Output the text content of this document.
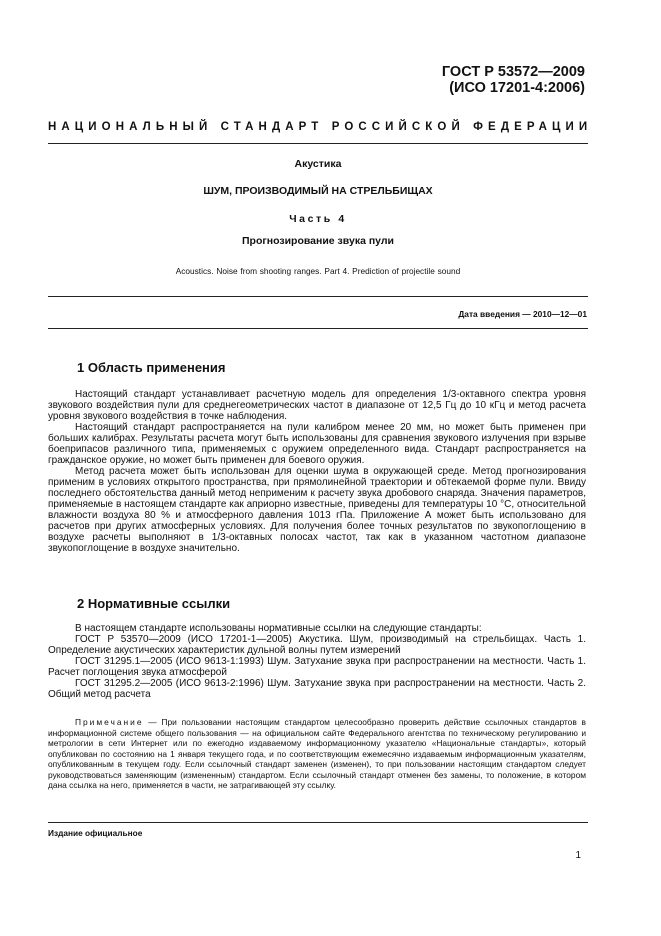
ГОСТ Р 53572—2009
(ИСО 17201-4:2006)
НАЦИОНАЛЬНЫЙ СТАНДАРТ РОССИЙСКОЙ ФЕДЕРАЦИИ
Акустика
ШУМ, ПРОИЗВОДИМЫЙ НА СТРЕЛЬБИЩАХ
Часть 4
Прогнозирование звука пули
Acoustics. Noise from shooting ranges. Part 4. Prediction of projectile sound
Дата введения — 2010—12—01
1 Область применения

Настоящий стандарт устанавливает расчетную модель для определения 1/3-октавного спектра уровня звукового воздействия пули для среднегеометрических частот в диапазоне от 12,5 Гц до 10 кГц и метод расчета уровня звукового воздействия в точке наблюдения.

Настоящий стандарт распространяется на пули калибром менее 20 мм, но может быть применен при больших калибрах. Результаты расчета могут быть использованы для сравнения звукового излучения при взрыве боеприпасов различного типа, применяемых с оружием определенного вида. Стандарт распространяется на гражданское оружие, но может быть применен для боевого оружия.

Метод расчета может быть использован для оценки шума в окружающей среде. Метод прогнозирования применим в условиях открытого пространства, при прямолинейной траектории и обтекаемой форме пули. Ввиду последнего обстоятельства данный метод неприменим к расчету звука дробового снаряда. Значения параметров, применяемые в настоящем стандарте как априорно известные, приведены для температуры 10 °С, относительной влажности воздуха 80 % и атмосферного давления 1013 гПа. Приложение А может быть использовано для расчетов при других атмосферных условиях. Для получения более точных результатов по звукопоглощению в воздухе расчеты выполняют в 1/3-октавных полосах частот, так как в указанном частотном диапазоне звукопоглощение в воздухе значительно.

2 Нормативные ссылки

В настоящем стандарте использованы нормативные ссылки на следующие стандарты:

ГОСТ Р 53570—2009 (ИСО 17201-1—2005) Акустика. Шум, производимый на стрельбищах. Часть 1. Определение акустических характеристик дульной волны путем измерений

ГОСТ 31295.1—2005 (ИСО 9613-1:1993) Шум. Затухание звука при распространении на местности. Часть 1. Расчет поглощения звука атмосферой

ГОСТ 31295.2—2005 (ИСО 9613-2:1996) Шум. Затухание звука при распространении на местности. Часть 2. Общий метод расчета

Примечание — При пользовании настоящим стандартом целесообразно проверить действие ссылочных стандартов в информационной системе общего пользования — на официальном сайте Федерального агентства по техническому регулированию и метрологии в сети Интернет или по ежегодно издаваемому информационному указателю «Национальные стандарты», который опубликован по состоянию на 1 января текущего года, и по соответствующим ежемесячно издаваемым информационным указателям, опубликованным в текущем году. Если ссылочный стандарт заменен (изменен), то при пользовании настоящим стандартом следует руководствоваться заменяющим (измененным) стандартом. Если ссылочный стандарт отменен без замены, то положение, в котором дана ссылка на него, применяется в части, не затрагивающей эту ссылку.
Издание официальное
1
